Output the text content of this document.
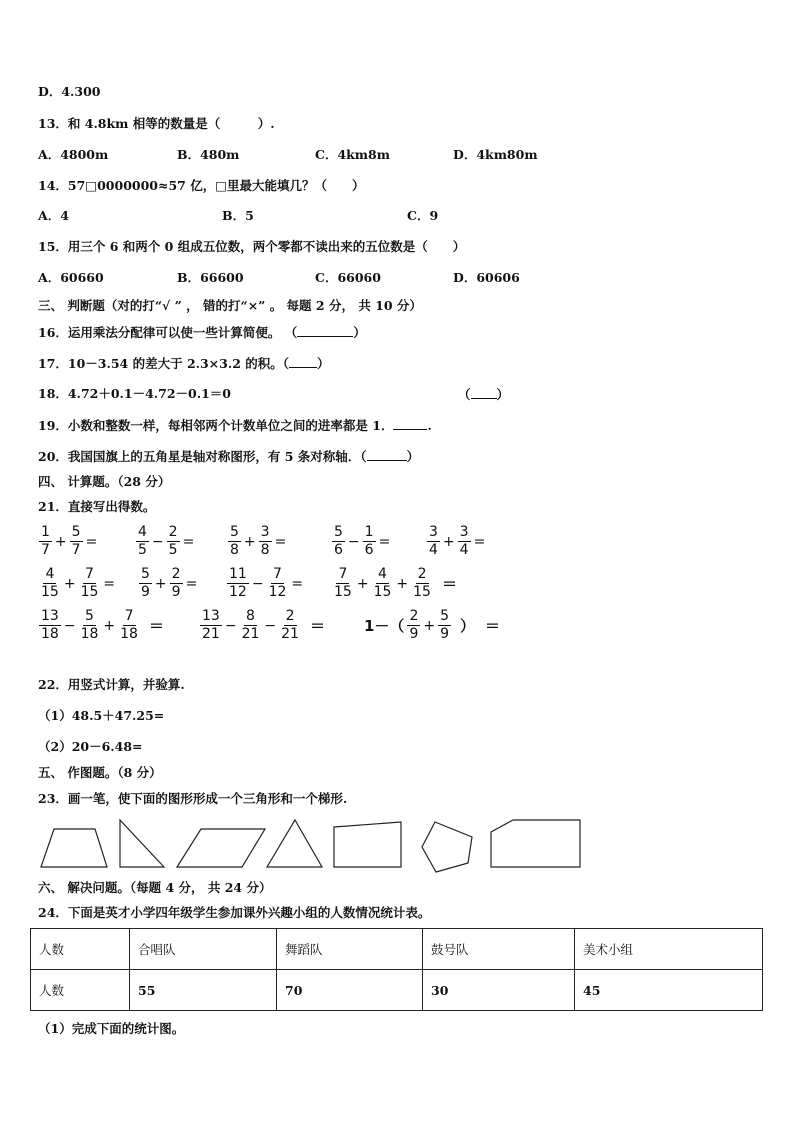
D．4.300
13．和 4.8km 相等的数量是（　　　）.
A．4800m	B．480m	C．4km8m	D．4km80m
14．57□0000000≈57 亿，□里最大能填几？（　　）
A．4	B．5	C．9
15．用三个 6 和两个 0 组成五位数，两个零都不读出来的五位数是（　　）
A．60660	B．66600	C．66060	D．60606
三、 判断题（对的打“√ ” ， 错的打“×” 。 每题 2 分， 共 10 分）
16．运用乘法分配律可以使一些计算简便。 （	）
17．10－3.54 的差大于 2.3×3.2 的积。（ ）
18．4.72＋0.1－4.72－0.1＝0	（ ）
19．小数和整数一样，每相邻两个计数单位之间的进率都是 1．	.
20．我国国旗上的五角星是轴对称图形，有 5 条对称轴．（	）
四、 计算题。（28 分）
21．直接写出得数。
$\frac{1}{7} + \frac{5}{7}$ =	$\frac{4}{5} - \frac{2}{5} = \frac{5}{8} + \frac{3}{8}$ =	$\frac{5}{6} - \frac{1}{6}$ =	$\frac{3}{4} + \frac{3}{4}$ =
$\frac{4}{15} + \frac{7}{15} = \frac{5}{9} + \frac{2}{9} = \frac{11}{12} - \frac{7}{12} = \frac{7}{15} + \frac{4}{15} + \frac{2}{15}$ ＝
$\frac{13}{18} - \frac{5}{18} + \frac{7}{18}$ ＝	$\frac{13}{21} - \frac{8}{21} - \frac{2}{21}$ ＝	$1-( \frac{2}{9} + \frac{5}{9}$ ） ＝
22．用竖式计算，并验算.
（1）48.5＋47.25=
（2）20－6.48=
五、 作图题。（8 分）
23．画一笔，使下面的图形形成一个三角形和一个梯形.
六、 解决问题。（每题 4 分， 共 24 分）
24．下面是英才小学四年级学生参加课外兴趣小组的人数情况统计表。
人数	合唱队	舞蹈队	鼓号队	美术小组
人数	55	70	30	45
（1）完成下面的统计图。
